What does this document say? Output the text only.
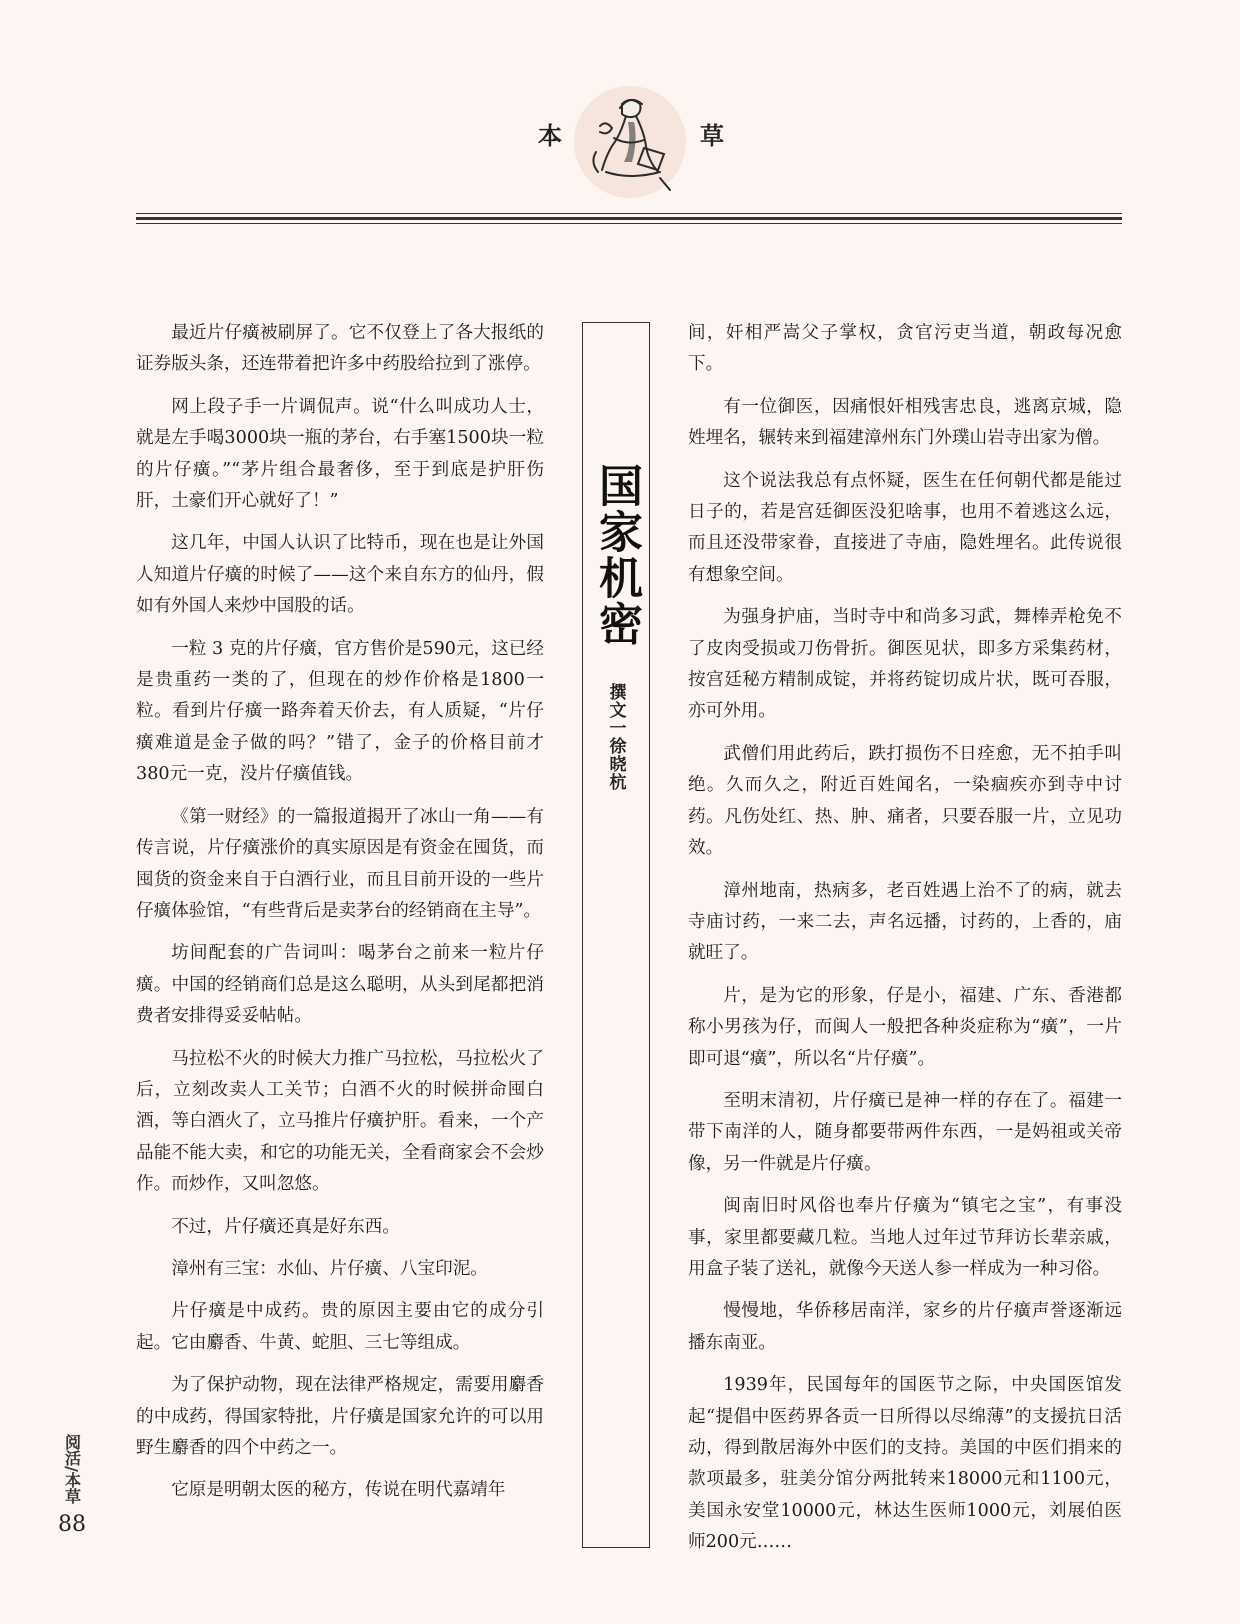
本	草

最近片仔癀被刷屏了。它不仅登上了各大报纸的证券版头条，还连带着把许多中药股给拉到了涨停。

网上段子手一片调侃声。说“什么叫成功人士，就是左手喝3000块一瓶的茅台，右手塞1500块一粒的片仔癀。”“茅片组合最奢侈，至于到底是护肝伤肝，土豪们开心就好了！”

这几年，中国人认识了比特币，现在也是让外国人知道片仔癀的时候了——这个来自东方的仙丹，假如有外国人来炒中国股的话。

一粒 3 克的片仔癀，官方售价是590元，这已经是贵重药一类的了，但现在的炒作价格是1800一粒。看到片仔癀一路奔着天价去，有人质疑，“片仔癀难道是金子做的吗？”错了，金子的价格目前才380元一克，没片仔癀值钱。

《第一财经》的一篇报道揭开了冰山一角——有传言说，片仔癀涨价的真实原因是有资金在囤货，而囤货的资金来自于白酒行业，而且目前开设的一些片仔癀体验馆，“有些背后是卖茅台的经销商在主导”。

坊间配套的广告词叫：喝茅台之前来一粒片仔癀。中国的经销商们总是这么聪明，从头到尾都把消费者安排得妥妥帖帖。

马拉松不火的时候大力推广马拉松，马拉松火了后，立刻改卖人工关节；白酒不火的时候拼命囤白酒，等白酒火了，立马推片仔癀护肝。看来，一个产品能不能大卖，和它的功能无关，全看商家会不会炒作。而炒作，又叫忽悠。

不过，片仔癀还真是好东西。

漳州有三宝：水仙、片仔癀、八宝印泥。

片仔癀是中成药。贵的原因主要由它的成分引起。它由麝香、牛黄、蛇胆、三七等组成。

为了保护动物，现在法律严格规定，需要用麝香的中成药，得国家特批，片仔癀是国家允许的可以用野生麝香的四个中药之一。

它原是明朝太医的秘方，传说在明代嘉靖年

国家机密
撰文一徐晓杭

间，奸相严嵩父子掌权，贪官污吏当道，朝政每况愈下。

有一位御医，因痛恨奸相残害忠良，逃离京城，隐姓埋名，辗转来到福建漳州东门外璞山岩寺出家为僧。

这个说法我总有点怀疑，医生在任何朝代都是能过日子的，若是宫廷御医没犯啥事，也用不着逃这么远，而且还没带家眷，直接进了寺庙，隐姓埋名。此传说很有想象空间。

为强身护庙，当时寺中和尚多习武，舞棒弄枪免不了皮肉受损或刀伤骨折。御医见状，即多方采集药材，按宫廷秘方精制成锭，并将药锭切成片状，既可吞服，亦可外用。

武僧们用此药后，跌打损伤不日痊愈，无不拍手叫绝。久而久之，附近百姓闻名，一染痼疾亦到寺中讨药。凡伤处红、热、肿、痛者，只要吞服一片，立见功效。

漳州地南，热病多，老百姓遇上治不了的病，就去寺庙讨药，一来二去，声名远播，讨药的，上香的，庙就旺了。

片，是为它的形象，仔是小，福建、广东、香港都称小男孩为仔，而闽人一般把各种炎症称为“癀”，一片即可退“癀”，所以名“片仔癀”。

至明末清初，片仔癀已是神一样的存在了。福建一带下南洋的人，随身都要带两件东西，一是妈祖或关帝像，另一件就是片仔癀。

闽南旧时风俗也奉片仔癀为“镇宅之宝”，有事没事，家里都要藏几粒。当地人过年过节拜访长辈亲戚，用盒子装了送礼，就像今天送人参一样成为一种习俗。

慢慢地，华侨移居南洋，家乡的片仔癀声誉逐渐远播东南亚。

1939年，民国每年的国医节之际，中央国医馆发起“提倡中医药界各贡一日所得以尽绵薄”的支援抗日活动，得到散居海外中医们的支持。美国的中医们捐来的款项最多，驻美分馆分两批转来18000元和1100元，美国永安堂10000元，林达生医师1000元，刘展伯医师200元……

阅活/本草
88
